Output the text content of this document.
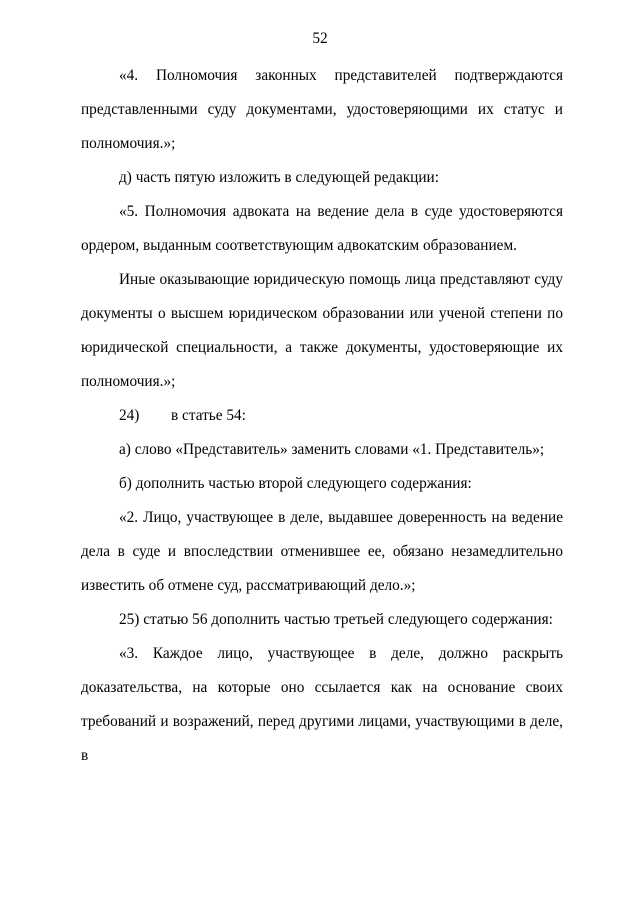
52

«4. Полномочия законных представителей подтверждаются представленными суду документами, удостоверяющими их статус и полномочия.»;

д) часть пятую изложить в следующей редакции:

«5. Полномочия адвоката на ведение дела в суде удостоверяются ордером, выданным соответствующим адвокатским образованием.

Иные оказывающие юридическую помощь лица представляют суду документы о высшем юридическом образовании или ученой степени по юридической специальности, а также документы, удостоверяющие их полномочия.»;

24) в статье 54:

а) слово «Представитель» заменить словами «1. Представитель»;

б) дополнить частью второй следующего содержания:

«2. Лицо, участвующее в деле, выдавшее доверенность на ведение дела в суде и впоследствии отменившее ее, обязано незамедлительно известить об отмене суд, рассматривающий дело.»;

25) статью 56 дополнить частью третьей следующего содержания:

«3. Каждое лицо, участвующее в деле, должно раскрыть доказательства, на которые оно ссылается как на основание своих требований и возражений, перед другими лицами, участвующими в деле, в
